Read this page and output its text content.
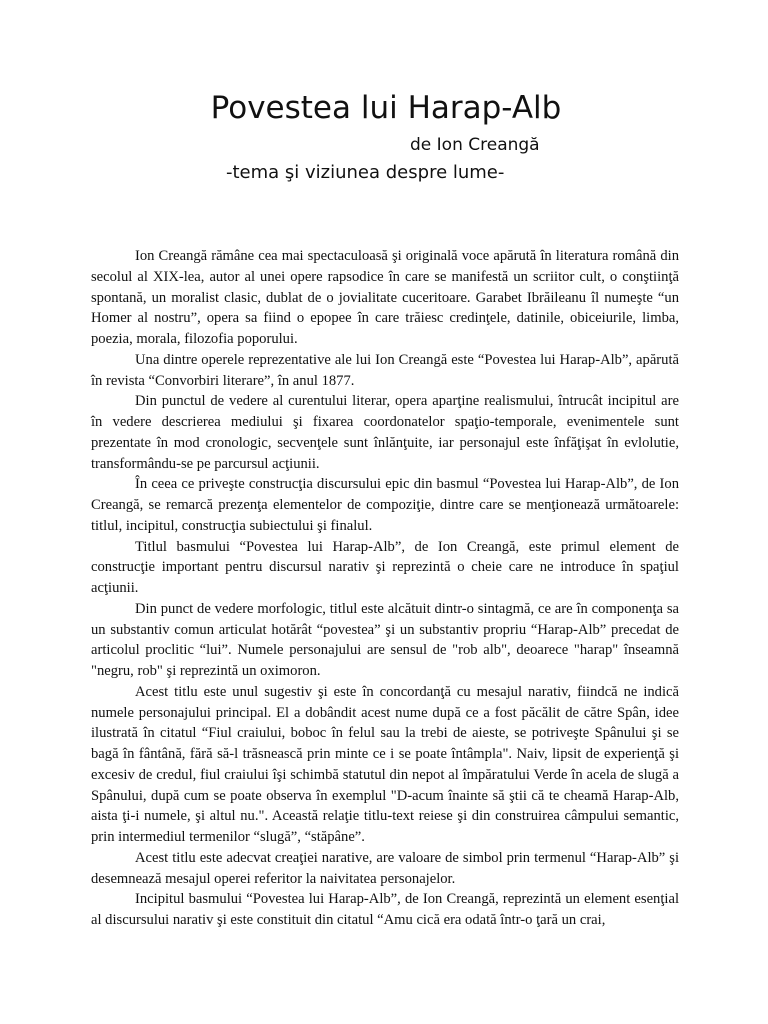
Povestea lui Harap-Alb

de Ion Creangă

-tema şi viziunea despre lume-

Ion Creangă rămâne cea mai spectaculoasă şi originală voce apărută în literatura română din secolul al XIX-lea, autor al unei opere rapsodice în care se manifestă un scriitor cult, o conştiinţă spontană, un moralist clasic, dublat de o jovialitate cuceritoare. Garabet Ibrăileanu îl numeşte “un Homer al nostru”, opera sa fiind o epopee în care trăiesc credinţele, datinile, obiceiurile, limba, poezia, morala, filozofia poporului.

Una dintre operele reprezentative ale lui Ion Creangă este “Povestea lui Harap-Alb”, apărută în revista “Convorbiri literare”, în anul 1877.

Din punctul de vedere al curentului literar, opera aparţine realismului, întrucât incipitul are în vedere descrierea mediului şi fixarea coordonatelor spaţio-temporale, evenimentele sunt prezentate în mod cronologic, secvenţele sunt înlănţuite, iar personajul este înfăţişat în evlolutie, transformându-se pe parcursul acţiunii.

În ceea ce priveşte construcţia discursului epic din basmul “Povestea lui Harap-Alb”, de Ion Creangă, se remarcă prezenţa elementelor de compoziţie, dintre care se menţionează următoarele: titlul, incipitul, construcţia subiectului şi finalul.

Titlul basmului “Povestea lui Harap-Alb”, de Ion Creangă, este primul element de construcţie important pentru discursul narativ şi reprezintă o cheie care ne introduce în spaţiul acţiunii.

Din punct de vedere morfologic, titlul este alcătuit dintr-o sintagmă, ce are în componenţa sa un substantiv comun articulat hotărât “povestea” şi un substantiv propriu “Harap-Alb” precedat de articolul proclitic “lui”. Numele personajului are sensul de "rob alb", deoarece "harap" înseamnă "negru, rob" şi reprezintă un oximoron.

Acest titlu este unul sugestiv şi este în concordanţă cu mesajul narativ, fiindcă ne indică numele personajului principal. El a dobândit acest nume după ce a fost păcălit de către Spân, idee ilustrată în citatul “Fiul craiului, boboc în felul sau la trebi de aieste, se potriveşte Spânului şi se bagă în fântână, fără să-l trăsnească prin minte ce i se poate întâmpla". Naiv, lipsit de experienţă şi excesiv de credul, fiul craiului îşi schimbă statutul din nepot al împăratului Verde în acela de slugă a Spânului, după cum se poate observa în exemplul "D-acum înainte să ştii că te cheamă Harap-Alb, aista ţi-i numele, şi altul nu.". Această relaţie titlu-text reiese şi din construirea câmpului semantic, prin intermediul termenilor “slugă”, “stăpâne”.

Acest titlu este adecvat creaţiei narative, are valoare de simbol prin termenul “Harap-Alb” şi desemnează mesajul operei referitor la naivitatea personajelor.

Incipitul basmului “Povestea lui Harap-Alb”, de Ion Creangă, reprezintă un element esenţial al discursului narativ şi este constituit din citatul “Amu cică era odată într-o ţară un crai,
